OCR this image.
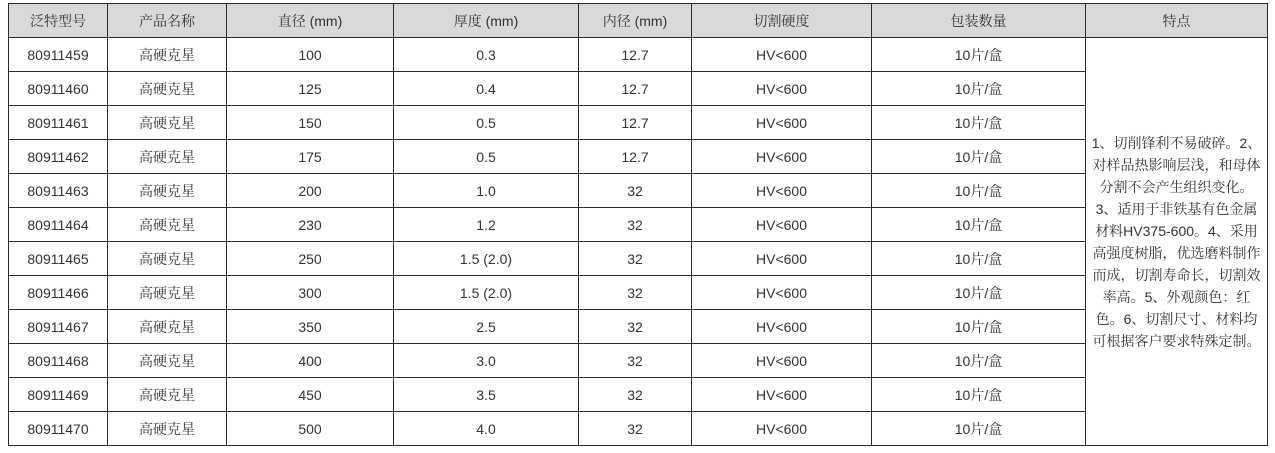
泛特型号	产品名称	直径 (mm)	厚度 (mm)	内径 (mm)	切割硬度	包装数量	特点
80911459	高硬克星	100	0.3	12.7	HV<600	10片/盒	1、切削锋利不易破碎。2、对样品热影响层浅，和母体分割不会产生组织变化。3、适用于非铁基有色金属材料HV375-600。4、采用高强度树脂，优选磨料制作而成，切割寿命长，切割效率高。5、外观颜色：红色。6、切割尺寸、材料均可根据客户要求特殊定制。
80911460	高硬克星	125	0.4	12.7	HV<600	10片/盒	
80911461	高硬克星	150	0.5	12.7	HV<600	10片/盒	
80911462	高硬克星	175	0.5	12.7	HV<600	10片/盒	
80911463	高硬克星	200	1.0	32	HV<600	10片/盒	
80911464	高硬克星	230	1.2	32	HV<600	10片/盒	
80911465	高硬克星	250	1.5 (2.0)	32	HV<600	10片/盒	
80911466	高硬克星	300	1.5 (2.0)	32	HV<600	10片/盒	
80911467	高硬克星	350	2.5	32	HV<600	10片/盒	
80911468	高硬克星	400	3.0	32	HV<600	10片/盒	
80911469	高硬克星	450	3.5	32	HV<600	10片/盒	
80911470	高硬克星	500	4.0	32	HV<600	10片/盒	
